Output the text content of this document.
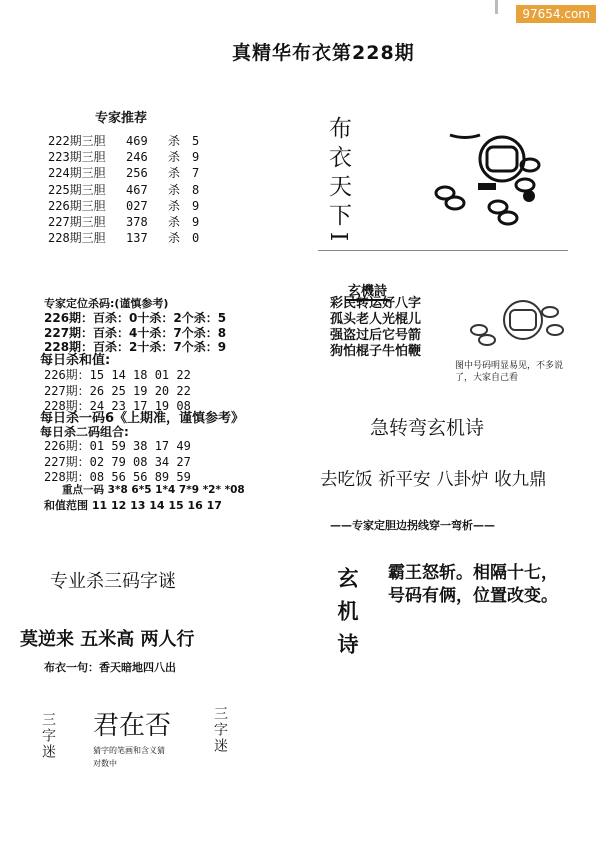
97654.com
真精华布衣第228期
专家推荐
222期三胆 469 杀 5
223期三胆 246 杀 9
224期三胆 256 杀 7
225期三胆 467 杀 8
226期三胆 027 杀 9
227期三胆 378 杀 9
228期三胆 137 杀 0
专家定位杀码:(谨慎参考)
226期：百杀：0十杀：2个杀：5
227期：百杀：4十杀：7个杀：8
228期：百杀：2十杀：7个杀：9
每日杀和值:
226期：15 14 18 01 22
227期：26 25 19 20 22
228期：24 23 17 19 08
每日杀一码6《上期准，谨慎参考》
每日杀二码组合:
226期：01 59 38 17 49
227期：02 79 08 34 27
228期：08 56 56 89 59
重点一码 3*8 6*5 1*4 7*9 *2* *08
和值范围 11 12 13 14 15 16 17
专业杀三码字谜
莫逆来 五米高 两人行
布衣一句：香天暗地四八出
三字迷 君在否	三字迷
猜字的笔画和含义猜
对数中
布衣天下I
玄機詩
彩民转运好八字
孤头老人光棍儿
强盗过后它号箭
狗怕棍子牛怕鞭
图中号码明显易见，不多说了，大家自己看
急转弯玄机诗
去吃饭 祈平安 八卦炉 收九鼎
——专家定胆边拐线穿一弯析——
玄机诗 霸王怒斩。相隔十七，
号码有俩，位置改变。
